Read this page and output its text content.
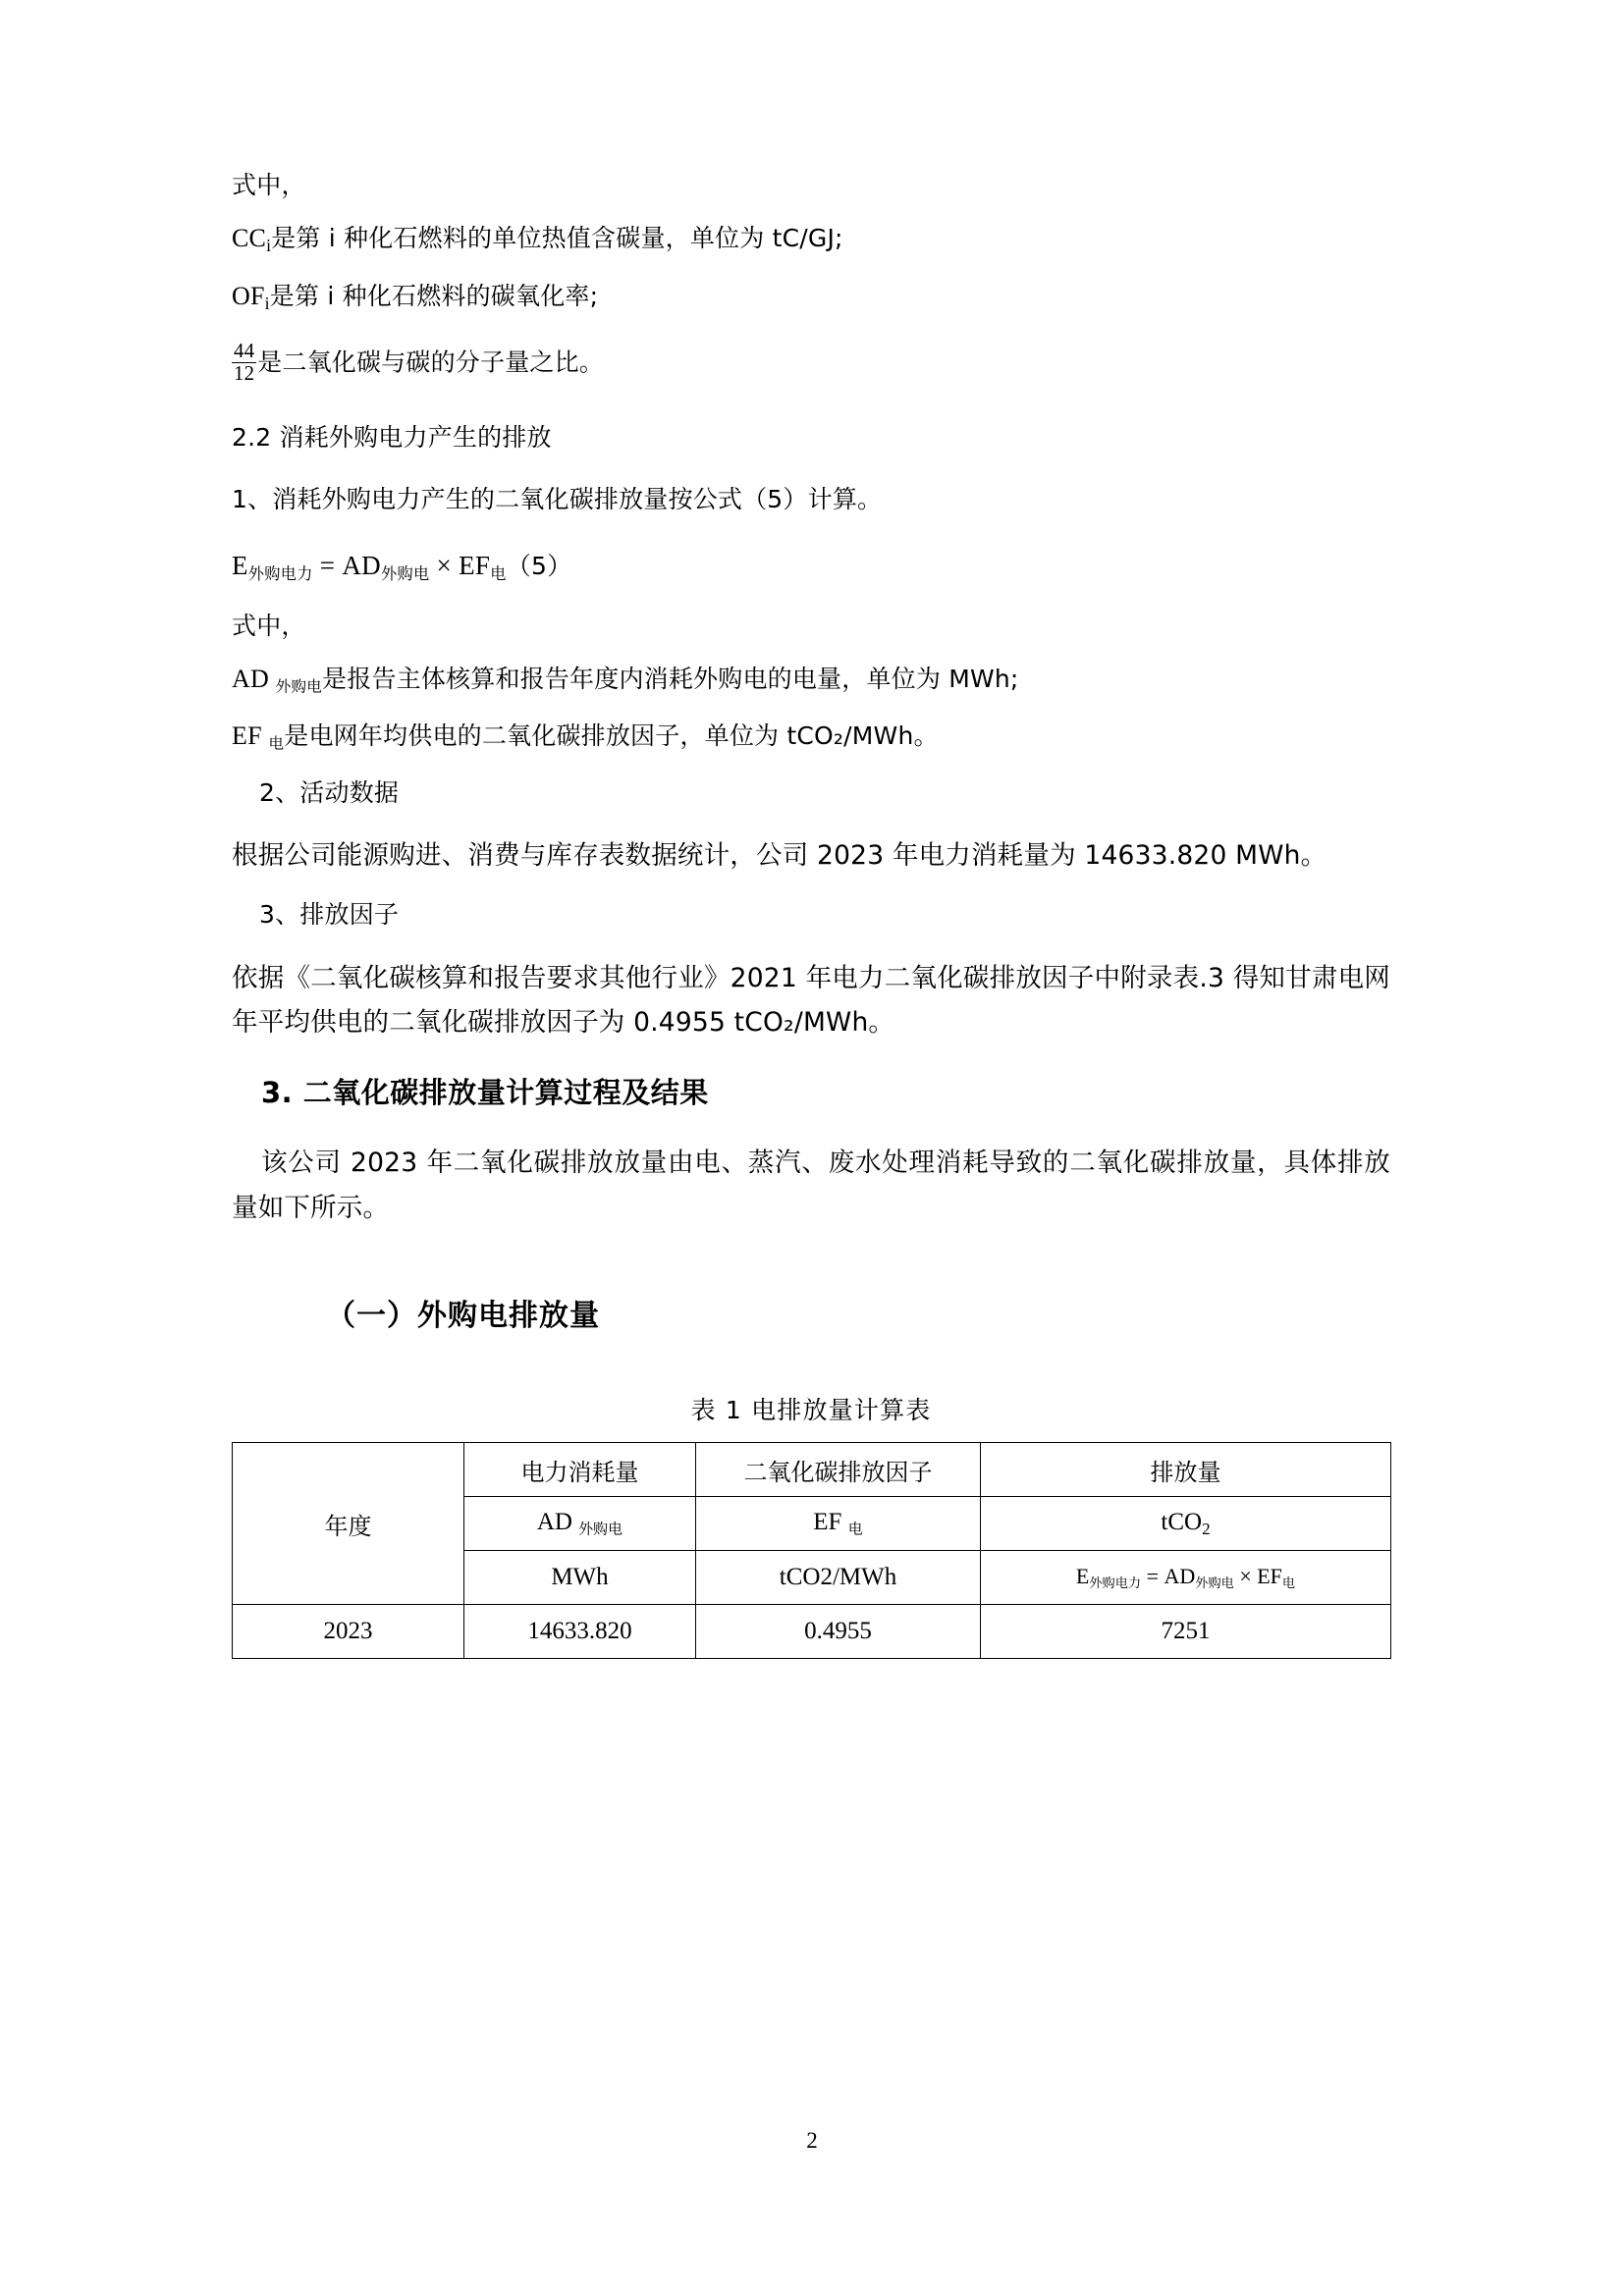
式中，

$CC_i$是第 i 种化石燃料的单位热值含碳量，单位为 tC/GJ;

$OF_i$是第 i 种化石燃料的碳氧化率;

$\frac{44}{12}$ 是二氧化碳与碳的分子量之比。

2.2 消耗外购电力产生的排放

1、消耗外购电力产生的二氧化碳排放量按公式（5）计算。

E外购电力 = AD外购电 × EF电（5）

式中，

AD 外购电是报告主体核算和报告年度内消耗外购电的电量，单位为 MWh;

EF 电是电网年均供电的二氧化碳排放因子，单位为 tCO₂/MWh。

2、活动数据

根据公司能源购进、消费与库存表数据统计，公司 2023 年电力消耗量为 14633.820 MWh。

3、排放因子

依据《二氧化碳核算和报告要求其他行业》2021 年电力二氧化碳排放因子中附录表.3 得知甘肃电网年平均供电的二氧化碳排放因子为 0.4955 tCO₂/MWh。

3. 二氧化碳排放量计算过程及结果

该公司 2023 年二氧化碳排放放量由电、蒸汽、废水处理消耗导致的二氧化碳排放量，具体排放量如下所示。

（一）外购电排放量

表 1 电排放量计算表

年度	电力消耗量	二氧化碳排放因子	排放量
	AD 外购电	EF 电	tCO$_2$
	MWh	tCO2/MWh	E外购电力 = AD外购电 × EF电
2023	14633.820	0.4955	7251
2
